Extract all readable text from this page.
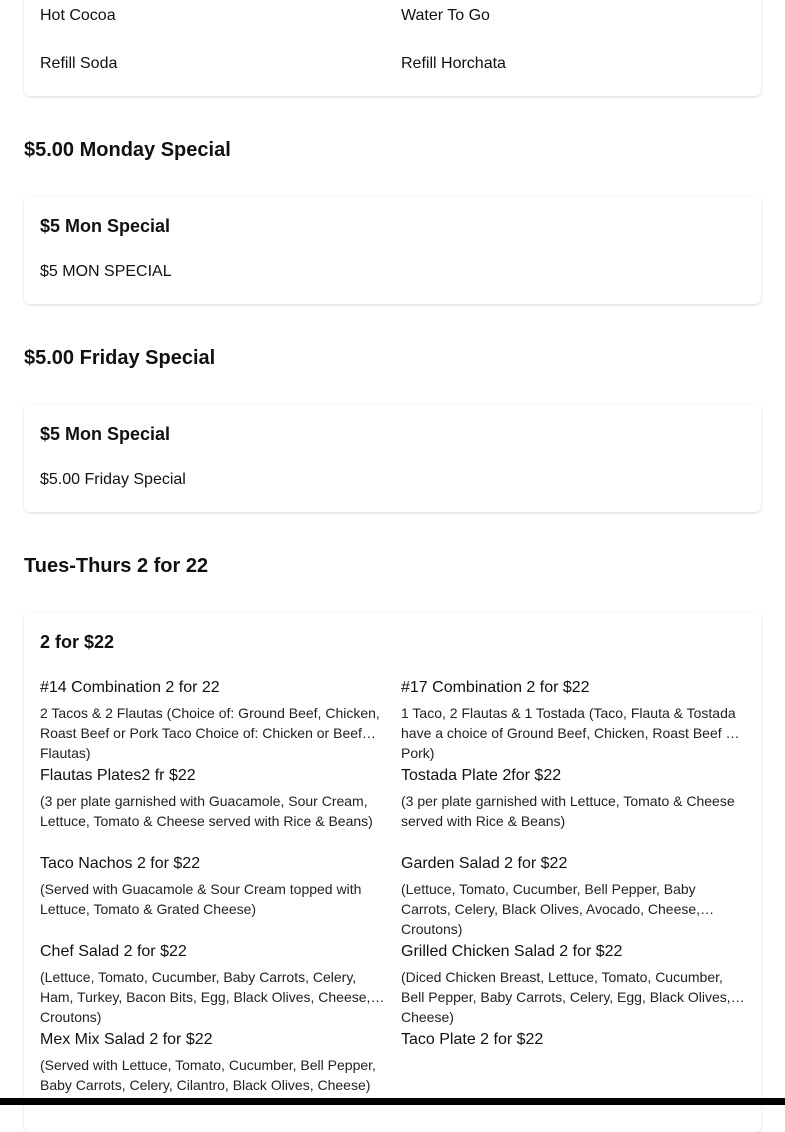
Hot Cocoa	Water To Go
Refill Soda	Refill Horchata
$5.00 Monday Special
$5 Mon Special
$5 MON SPECIAL
$5.00 Friday Special
$5 Mon Special
$5.00 Friday Special
Tues-Thurs 2 for 22
2 for $22
#14 Combination 2 for 22
2 Tacos & 2 Flautas (Choice of: Ground Beef, Chicken, Roast Beef or Pork Taco Choice of: Chicken or Beef Flautas)
#17 Combination 2 for $22
1 Taco, 2 Flautas & 1 Tostada (Taco, Flauta & Tostada have a choice of Ground Beef, Chicken, Roast Beef or Pork)
Flautas Plates2 fr $22
(3 per plate garnished with Guacamole, Sour Cream, Lettuce, Tomato & Cheese served with Rice & Beans)
Tostada Plate 2for $22
(3 per plate garnished with Lettuce, Tomato & Cheese served with Rice & Beans)
Taco Nachos 2 for $22
(Served with Guacamole & Sour Cream topped with Lettuce, Tomato & Grated Cheese)
Garden Salad 2 for $22
(Lettuce, Tomato, Cucumber, Bell Pepper, Baby Carrots, Celery, Black Olives, Avocado, Cheese, Croutons)
Chef Salad 2 for $22
(Lettuce, Tomato, Cucumber, Baby Carrots, Celery, Ham, Turkey, Bacon Bits, Egg, Black Olives, Cheese, Croutons)
Grilled Chicken Salad 2 for $22
(Diced Chicken Breast, Lettuce, Tomato, Cucumber, Bell Pepper, Baby Carrots, Celery, Egg, Black Olives, Cheese)
Mex Mix Salad 2 for $22
(Served with Lettuce, Tomato, Cucumber, Bell Pepper, Baby Carrots, Celery, Cilantro, Black Olives, Cheese)
Taco Plate 2 for $22
